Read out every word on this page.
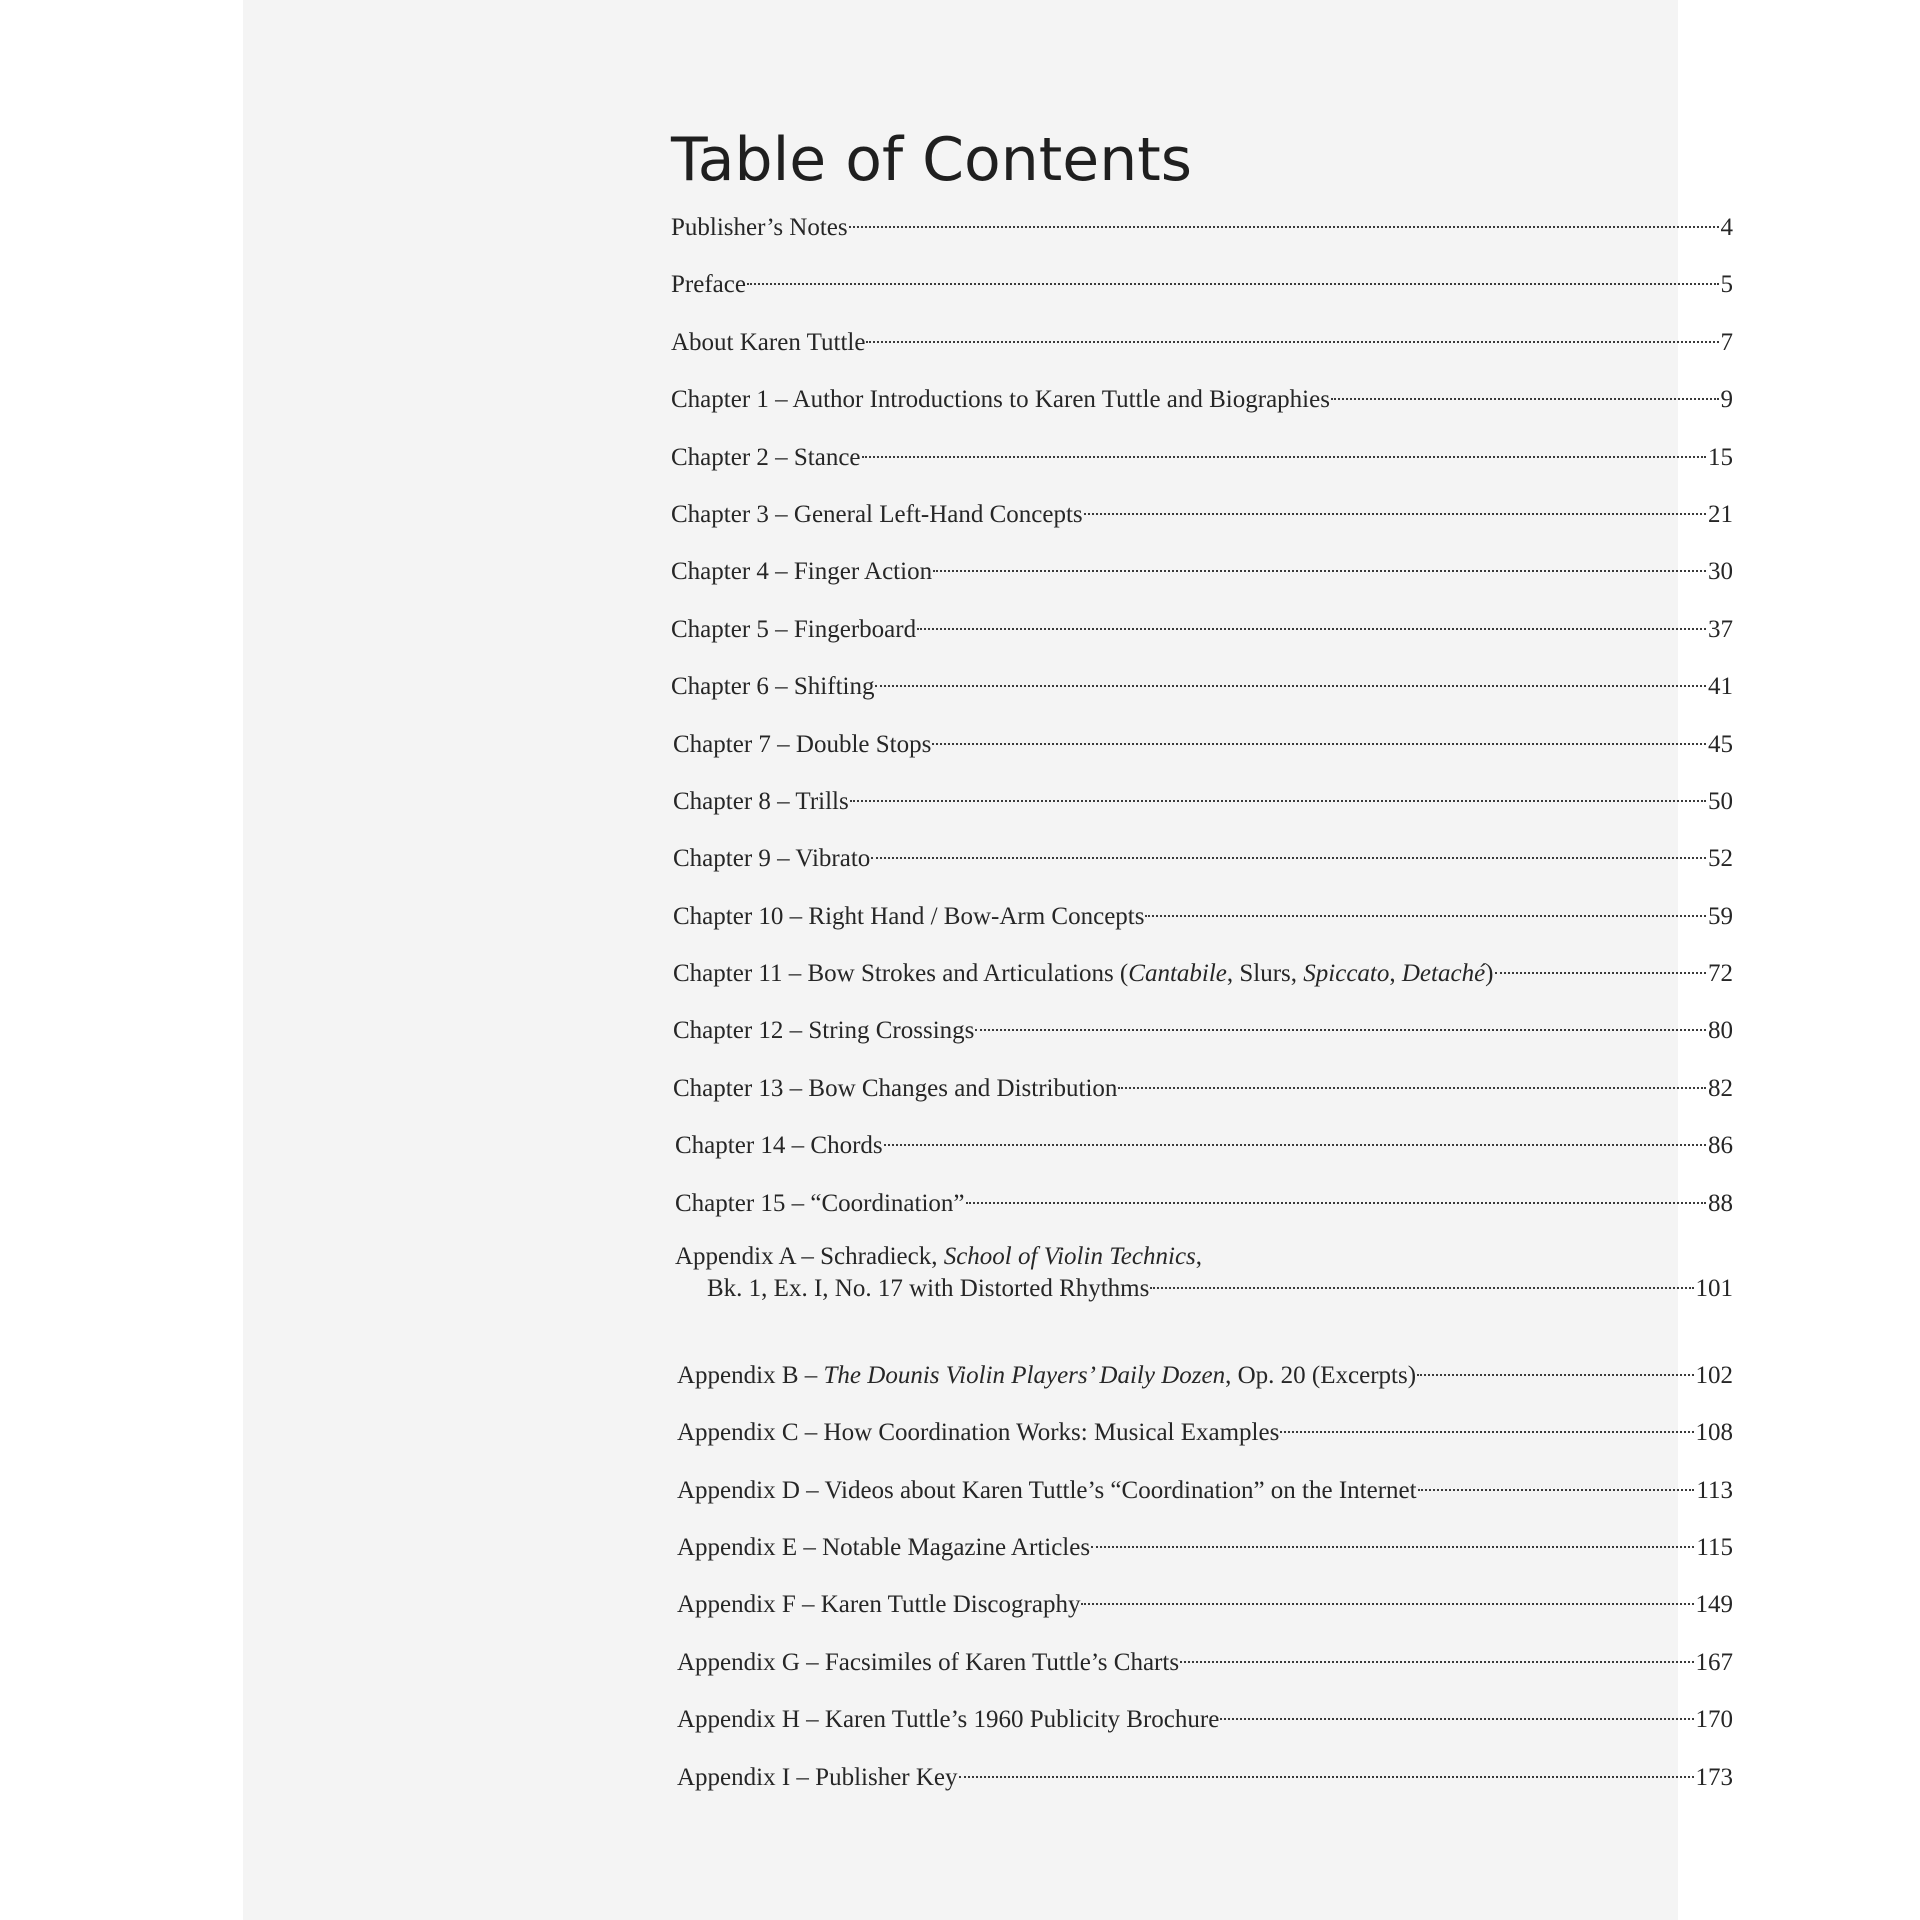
Table of Contents
Publisher’s Notes	4
Preface	5
About Karen Tuttle	7
Chapter 1 – Author Introductions to Karen Tuttle and Biographies	9
Chapter 2 – Stance	15
Chapter 3 – General Left-Hand Concepts	21
Chapter 4 – Finger Action	30
Chapter 5 – Fingerboard	37
Chapter 6 – Shifting	41
Chapter 7 – Double Stops	45
Chapter 8 – Trills	50
Chapter 9 – Vibrato	52
Chapter 10 – Right Hand / Bow-Arm Concepts	59
Chapter 11 – Bow Strokes and Articulations (Cantabile, Slurs, Spiccato, Detaché)	72
Chapter 12 – String Crossings	80
Chapter 13 – Bow Changes and Distribution	82
Chapter 14 – Chords	86
Chapter 15 – “Coordination”	88
Appendix A – Schradieck, School of Violin Technics,
Bk. 1, Ex. I, No. 17 with Distorted Rhythms	101
Appendix B – The Dounis Violin Players’ Daily Dozen, Op. 20 (Excerpts)	102
Appendix C – How Coordination Works: Musical Examples	108
Appendix D – Videos about Karen Tuttle’s “Coordination” on the Internet	113
Appendix E – Notable Magazine Articles	115
Appendix F – Karen Tuttle Discography	149
Appendix G – Facsimiles of Karen Tuttle’s Charts	167
Appendix H – Karen Tuttle’s 1960 Publicity Brochure	170
Appendix I – Publisher Key	173
